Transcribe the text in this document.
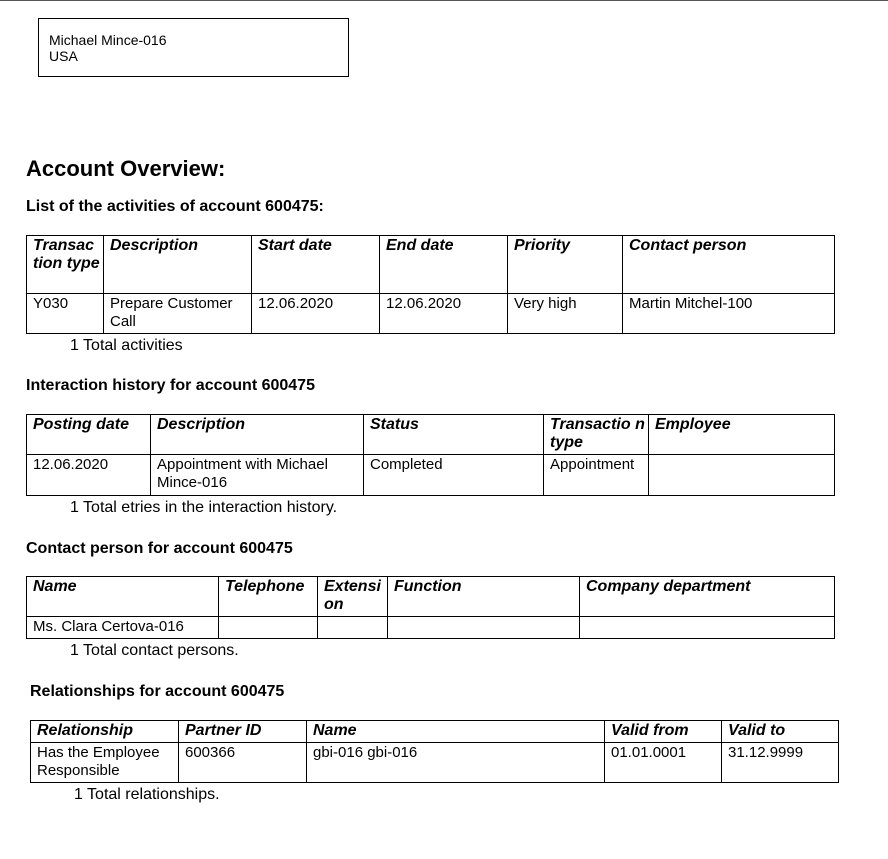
Michael Mince-016
USA
Account Overview:
List of the activities of account 600475:
Transac tion type	Description	Start date	End date	Priority	Contact person
Y030	Prepare Customer Call	12.06.2020	12.06.2020	Very high	Martin Mitchel-100
1 Total activities
Interaction history for account 600475
Posting date	Description	Status	Transactio n type	Employee
12.06.2020	Appointment with Michael Mince-016	Completed	Appointment	
1 Total etries in the interaction history.
Contact person for account 600475
Name	Telephone	Extensi on	Function	Company department
Ms. Clara Certova-016				
1 Total contact persons.
Relationships for account 600475
Relationship	Partner ID	Name	Valid from	Valid to
Has the Employee Responsible	600366	gbi-016 gbi-016	01.01.0001	31.12.9999
1 Total relationships.
